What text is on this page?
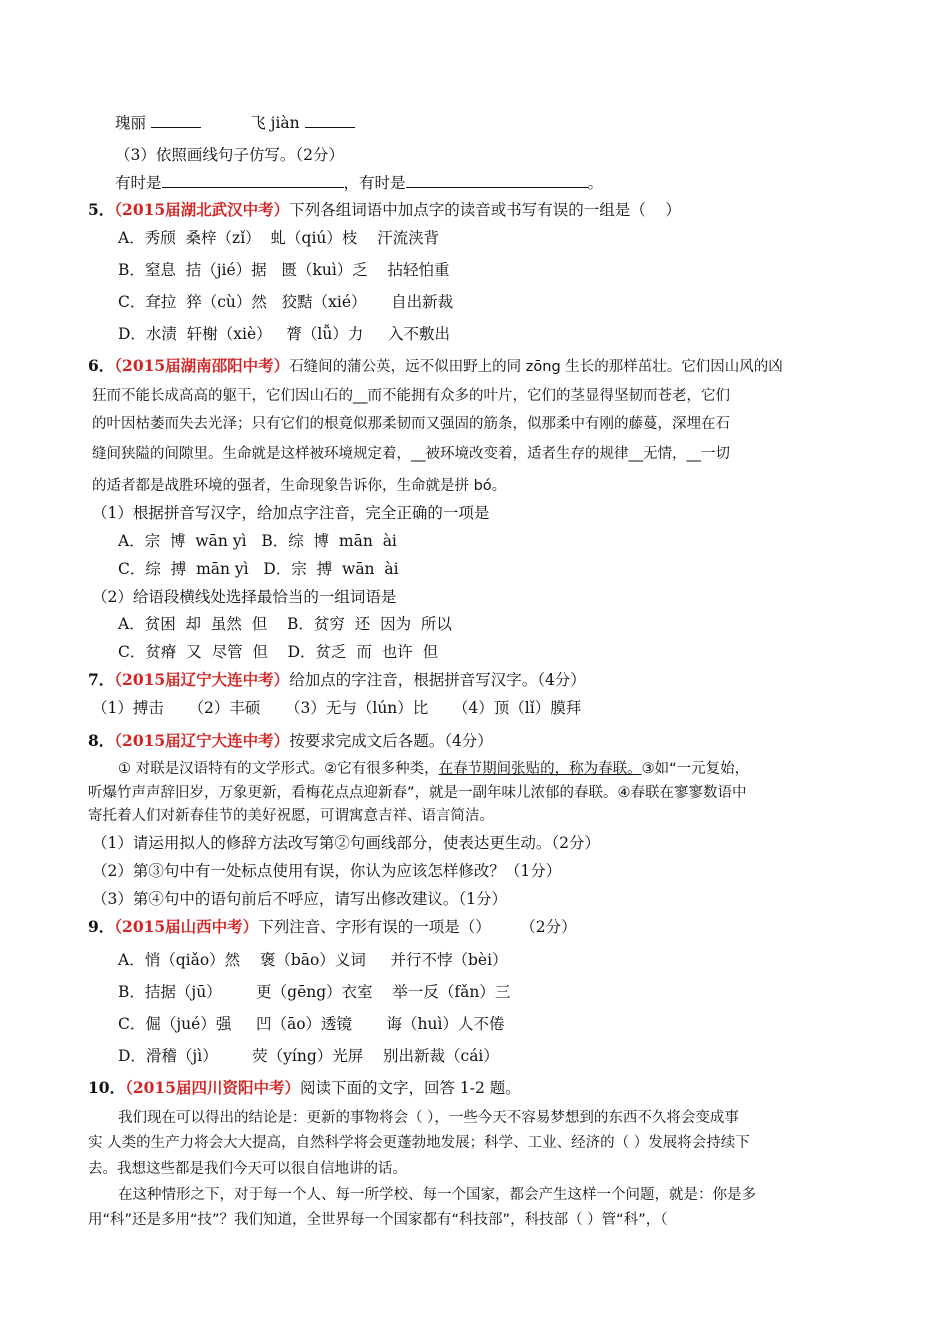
瑰丽	飞 jiàn
（3）依照画线句子仿写。（2分）
有时是	，有时是	。
5．（2015届湖北武汉中考）下列各组词语中加点字的读音或书写有误的一组是（    ）
A．秀颀  桑梓（zǐ）  虬（qiú）枝    汗流浃背
B．窒息  拮（jié）据   匮（kuì）乏    拈轻怕重
C．耷拉  猝（cù）然   狡黠（xié）     自出新裁
D．水渍  轩榭（xiè）   膂（lǚ）力     入不敷出
6．（2015届湖南邵阳中考）石缝间的蒲公英，远不似田野上的同 zōng 生长的那样茁壮。它们因山风的凶
狂而不能长成高高的躯干，它们因山石的__而不能拥有众多的叶片，它们的茎显得坚韧而苍老，它们
的叶因枯萎而失去光泽；只有它们的根竟似那柔韧而又强固的筋条，似那柔中有刚的藤蔓，深埋在石
缝间狭隘的间隙里。生命就是这样被环境规定着，__被环境改变着，适者生存的规律__无情，__一切
的适者都是战胜环境的强者，生命现象告诉你，生命就是拼 bó。
（1）根据拼音写汉字，给加点字注音，完全正确的一项是
A．宗  博  wān yì   B．综  博  mān  ài
C．综  搏  mān yì   D．宗  搏  wān  ài
（2）给语段横线处选择最恰当的一组词语是
A．贫困  却  虽然  但    B．贫穷  还  因为  所以
C．贫瘠  又  尽管  但    D．贫乏  而  也许  但
7．（2015届辽宁大连中考）给加点的字注音，根据拼音写汉字。（4分）
（1）搏击     （2）丰硕     （3）无与（lún）比     （4）顶（lǐ）膜拜
8．（2015届辽宁大连中考）按要求完成文后各题。（4分）
① 对联是汉语特有的文学形式。②它有很多种类，在春节期间张贴的，称为春联。③如“一元复始，
听爆竹声声辞旧岁，万象更新，看梅花点点迎新春”，就是一副年味儿浓郁的春联。④春联在寥寥数语中
寄托着人们对新春佳节的美好祝愿，可谓寓意吉祥、语言简洁。
（1）请运用拟人的修辞方法改写第②句画线部分，使表达更生动。（2分）
（2）第③句中有一处标点使用有误，你认为应该怎样修改？（1分）
（3）第④句中的语句前后不呼应，请写出修改建议。（1分）
9．（2015届山西中考）下列注音、字形有误的一项是（）      （2分）
A．悄（qiǎo）然    褒（bāo）义词     并行不悖（bèi）
B．拮据（jū）       更（gēng）衣室    举一反（fǎn）三
C．倔（jué）强     凹（āo）透镜       诲（huì）人不倦
D．滑稽（jì）       荧（yíng）光屏    别出新裁（cái）
10．（2015届四川资阳中考）阅读下面的文字，回答 1-2 题。
我们现在可以得出的结论是：更新的事物将会（ ），一些今天不容易梦想到的东西不久将会变成事
实 人类的生产力将会大大提高，自然科学将会更蓬勃地发展；科学、工业、经济的（ ）发展将会持续下
去。我想这些都是我们今天可以很自信地讲的话。
在这种情形之下，对于每一个人、每一所学校、每一个国家，都会产生这样一个问题，就是：你是多
用“科”还是多用“技”？我们知道，全世界每一个国家都有“科技部”，科技部（ ）管“科”，（
